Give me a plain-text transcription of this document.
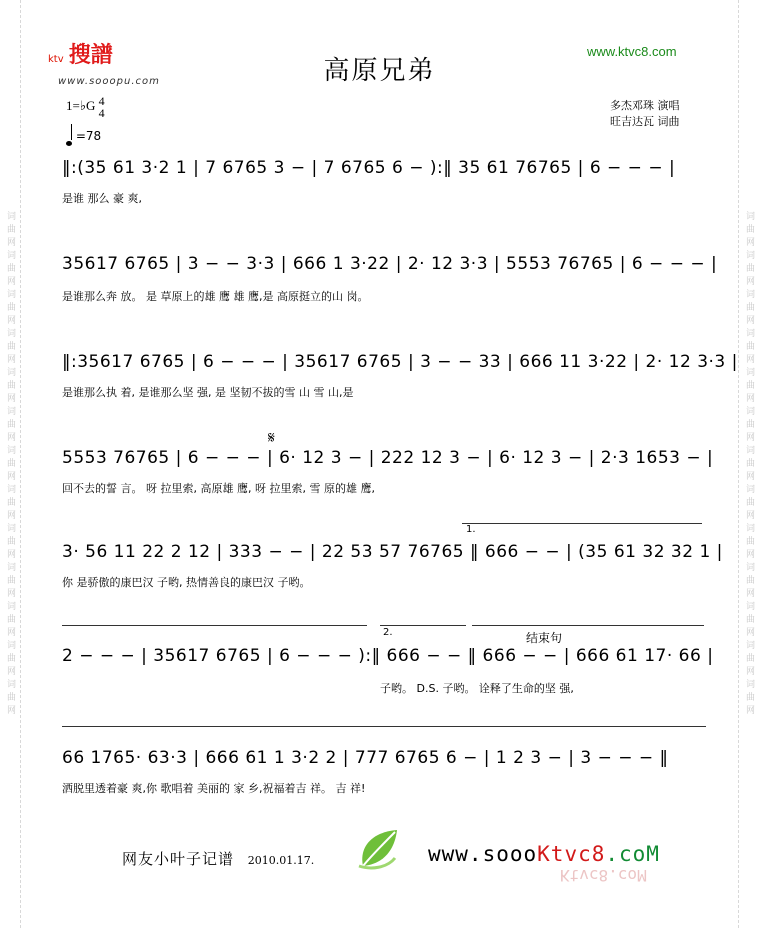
词曲网词曲网词曲网词曲网词曲网词曲网词曲网词曲网词曲网词曲网词曲网词曲网词曲网	词曲网词曲网词曲网词曲网词曲网词曲网词曲网词曲网词曲网词曲网词曲网词曲网词曲网
ktv 搜譜
www.sooopu.com
www.ktvc8.com
高原兄弟
1=♭G 4
4
=78
多杰邓珠 演唱
旺吉达瓦 词曲
‖:(35 61 3·2 1 | 7 6765 3 − | 7 6765 6 − ):‖ 35 61 76765 | 6 − − − |
是谁 那么 豪 爽,
35617 6765 | 3 − − 3·3 | 666 1 3·22 | 2· 12 3·3 | 5553 76765 | 6 − − − |
是谁那么奔 放。 是 草原上的雄 鹰 雄 鹰,是 高原挺立的山 岗。
‖:35617 6765 | 6 − − − | 35617 6765 | 3 − − 33 | 666 11 3·22 | 2· 12 3·3 |
是谁那么执 着, 是谁那么坚 强, 是 坚韧不拔的雪 山 雪 山,是
𝄋
5553 76765 | 6 − − − | 6· 12 3 − | 222 12 3 − | 6· 12 3 − | 2·3 1653 − |
回不去的誓 言。 呀 拉里索, 高原雄 鹰, 呀 拉里索, 雪 原的雄 鹰,
1.
3· 56 11 22 2 12 | 333 − − | 22 53 57 76765 ‖ 666 − − | (35 61 32 32 1 |
你 是骄傲的康巴汉 子哟, 热情善良的康巴汉 子哟。
2.	结束句
2 − − − | 35617 6765 | 6 − − − ):‖ 666 − − ‖ 666 − − | 666 61 17· 66 |
子哟。 D.S. 子哟。 诠释了生命的坚 强,
66 1765· 63·3 | 666 61 1 3·2 2 | 777 6765 6 − | 1 2 3 − | 3 − − − ‖
洒脱里透着豪 爽,你 歌唱着 美丽的 家 乡,祝福着吉 祥。 吉 祥!
网友小叶子记谱 2010.01.17.	www.soooKtvc8.coM
Ktvc8.coM
